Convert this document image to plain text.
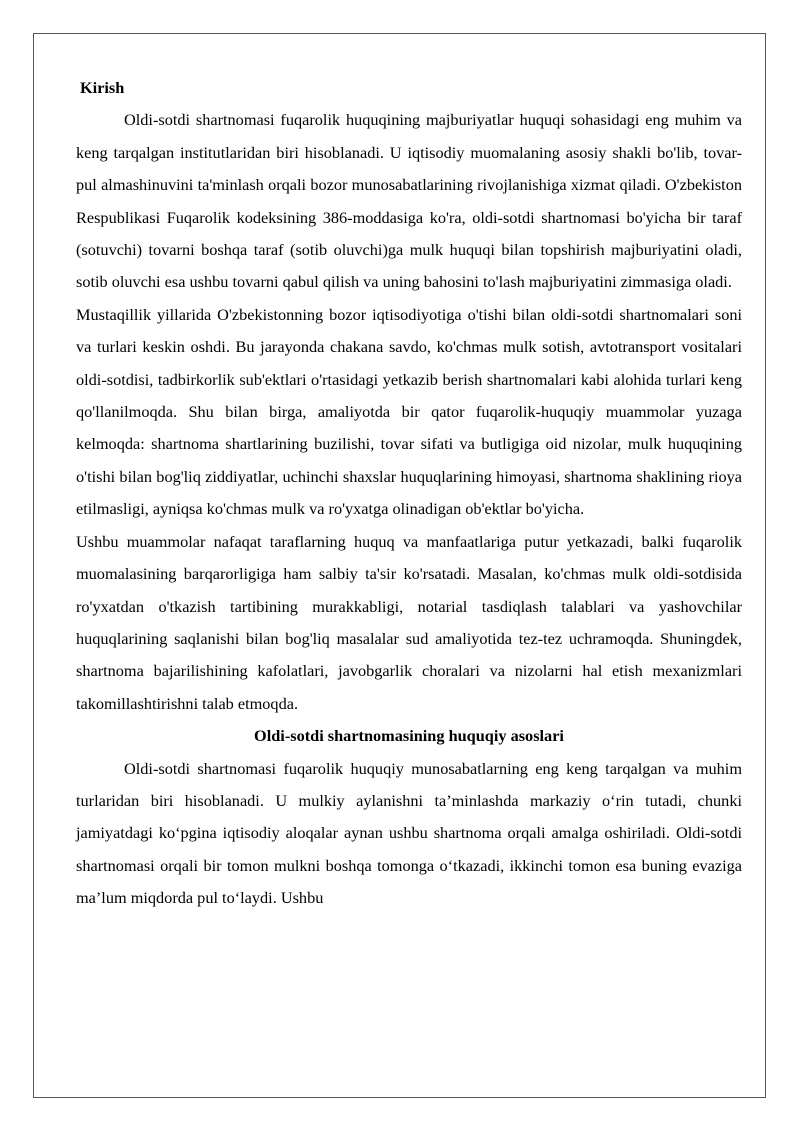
Kirish

Oldi-sotdi shartnomasi fuqarolik huquqining majburiyatlar huquqi sohasidagi eng muhim va keng tarqalgan institutlaridan biri hisoblanadi. U iqtisodiy muomalaning asosiy shakli bo'lib, tovar-pul almashinuvini ta'minlash orqali bozor munosabatlarining rivojlanishiga xizmat qiladi. O'zbekiston Respublikasi Fuqarolik kodeksining 386-moddasiga ko'ra, oldi-sotdi shartnomasi bo'yicha bir taraf (sotuvchi) tovarni boshqa taraf (sotib oluvchi)ga mulk huquqi bilan topshirish majburiyatini oladi, sotib oluvchi esa ushbu tovarni qabul qilish va uning bahosini to'lash majburiyatini zimmasiga oladi.

Mustaqillik yillarida O'zbekistonning bozor iqtisodiyotiga o'tishi bilan oldi-sotdi shartnomalari soni va turlari keskin oshdi. Bu jarayonda chakana savdo, ko'chmas mulk sotish, avtotransport vositalari oldi-sotdisi, tadbirkorlik sub'ektlari o'rtasidagi yetkazib berish shartnomalari kabi alohida turlari keng qo'llanilmoqda. Shu bilan birga, amaliyotda bir qator fuqarolik-huquqiy muammolar yuzaga kelmoqda: shartnoma shartlarining buzilishi, tovar sifati va butligiga oid nizolar, mulk huquqining o'tishi bilan bog'liq ziddiyatlar, uchinchi shaxslar huquqlarining himoyasi, shartnoma shaklining rioya etilmasligi, ayniqsa ko'chmas mulk va ro'yxatga olinadigan ob'ektlar bo'yicha.

Ushbu muammolar nafaqat taraflarning huquq va manfaatlariga putur yetkazadi, balki fuqarolik muomalasining barqarorligiga ham salbiy ta'sir ko'rsatadi. Masalan, ko'chmas mulk oldi-sotdisida ro'yxatdan o'tkazish tartibining murakkabligi, notarial tasdiqlash talablari va yashovchilar huquqlarining saqlanishi bilan bog'liq masalalar sud amaliyotida tez-tez uchramoqda. Shuningdek, shartnoma bajarilishining kafolatlari, javobgarlik choralari va nizolarni hal etish mexanizmlari takomillashtirishni talab etmoqda.

Oldi-sotdi shartnomasining huquqiy asoslari

Oldi-sotdi shartnomasi fuqarolik huquqiy munosabatlarning eng keng tarqalgan va muhim turlaridan biri hisoblanadi. U mulkiy aylanishni ta’minlashda markaziy o‘rin tutadi, chunki jamiyatdagi ko‘pgina iqtisodiy aloqalar aynan ushbu shartnoma orqali amalga oshiriladi. Oldi-sotdi shartnomasi orqali bir tomon mulkni boshqa tomonga o‘tkazadi, ikkinchi tomon esa buning evaziga ma’lum miqdorda pul to‘laydi. Ushbu
